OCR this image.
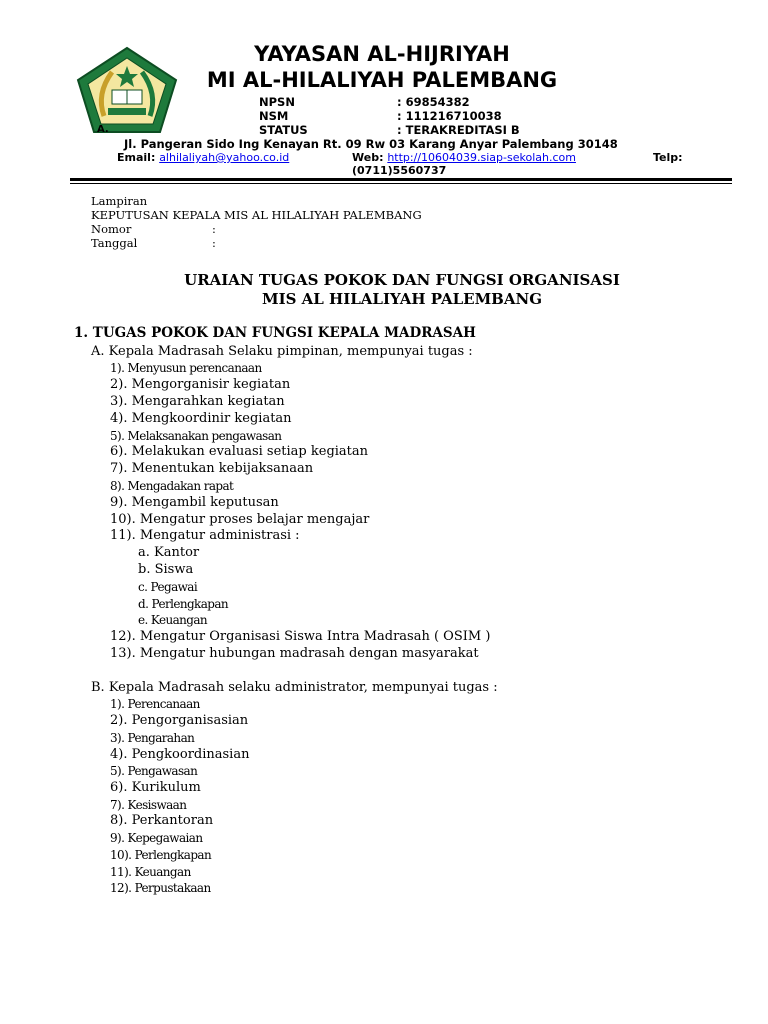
A.
YAYASAN AL-HIJRIYAH
MI AL-HILALIYAH PALEMBANG
NPSN	: 69854382
NSM	: 111216710038
STATUS	: TERAKREDITASI B
Jl. Pangeran Sido Ing Kenayan Rt. 09 Rw 03 Karang Anyar Palembang 30148
Email: alhilaliyah@yahoo.co.id	Web: http://10604039.siap-sekolah.com	Telp:
(0711)5560737
Lampiran
KEPUTUSAN KEPALA MIS AL HILALIYAH PALEMBANG
Nomor	:
Tanggal	:
URAIAN TUGAS POKOK DAN FUNGSI ORGANISASI
MIS AL HILALIYAH PALEMBANG
1. TUGAS POKOK DAN FUNGSI KEPALA MADRASAH
A. Kepala Madrasah Selaku pimpinan, mempunyai tugas :
1). Menyusun perencanaan
2). Mengorganisir kegiatan
3). Mengarahkan kegiatan
4). Mengkoordinir kegiatan
5). Melaksanakan pengawasan
6). Melakukan evaluasi setiap kegiatan
7). Menentukan kebijaksanaan
8). Mengadakan rapat
9). Mengambil keputusan
10). Mengatur proses belajar mengajar
11). Mengatur administrasi :
a. Kantor
b. Siswa
c. Pegawai
d. Perlengkapan
e. Keuangan
12). Mengatur Organisasi Siswa Intra Madrasah ( OSIM )
13). Mengatur hubungan madrasah dengan masyarakat
B. Kepala Madrasah selaku administrator, mempunyai tugas :
1). Perencanaan
2). Pengorganisasian
3). Pengarahan
4). Pengkoordinasian
5). Pengawasan
6). Kurikulum
7). Kesiswaan
8). Perkantoran
9). Kepegawaian
10). Perlengkapan
11). Keuangan
12). Perpustakaan
